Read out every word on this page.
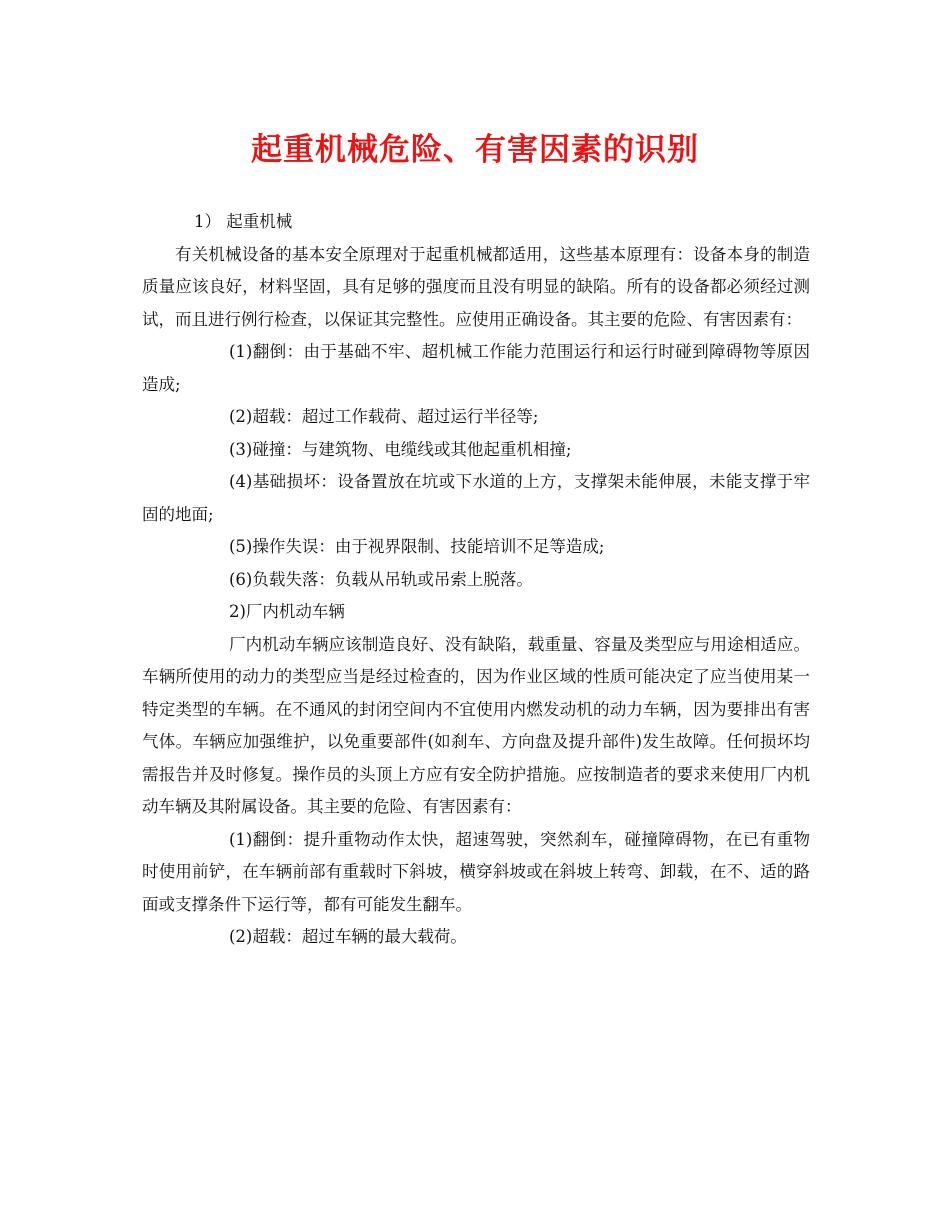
起重机械危险、有害因素的识别

1） 起重机械

有关机械设备的基本安全原理对于起重机械都适用，这些基本原理有：设备本身的制造质量应该良好，材料坚固，具有足够的强度而且没有明显的缺陷。所有的设备都必须经过测试，而且进行例行检查，以保证其完整性。应使用正确设备。其主要的危险、有害因素有：

(1)翻倒：由于基础不牢、超机械工作能力范围运行和运行时碰到障碍物等原因造成;

(2)超载：超过工作载荷、超过运行半径等;

(3)碰撞：与建筑物、电缆线或其他起重机相撞;

(4)基础损坏：设备置放在坑或下水道的上方，支撑架未能伸展，未能支撑于牢固的地面;

(5)操作失误：由于视界限制、技能培训不足等造成;

(6)负载失落：负载从吊轨或吊索上脱落。

2)厂内机动车辆

厂内机动车辆应该制造良好、没有缺陷，载重量、容量及类型应与用途相适应。车辆所使用的动力的类型应当是经过检查的，因为作业区域的性质可能决定了应当使用某一特定类型的车辆。在不通风的封闭空间内不宜使用内燃发动机的动力车辆，因为要排出有害气体。车辆应加强维护，以免重要部件(如刹车、方向盘及提升部件)发生故障。任何损坏均需报告并及时修复。操作员的头顶上方应有安全防护措施。应按制造者的要求来使用厂内机动车辆及其附属设备。其主要的危险、有害因素有：

(1)翻倒：提升重物动作太快，超速驾驶，突然刹车，碰撞障碍物，在已有重物时使用前铲，在车辆前部有重载时下斜坡，横穿斜坡或在斜坡上转弯、卸载，在不、适的路面或支撑条件下运行等，都有可能发生翻车。

(2)超载：超过车辆的最大载荷。
